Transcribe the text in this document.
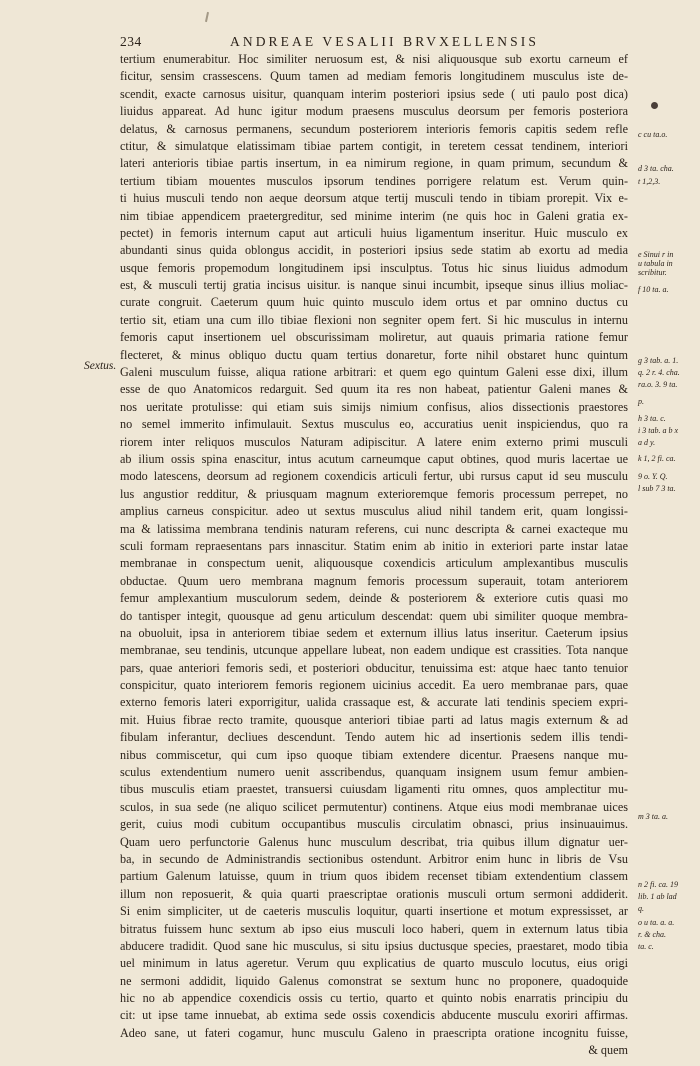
234	ANDREAE VESALII BRVXELLENSIS
Sextus.
tertium enumerabitur. Hoc similiter neruosum est, & nisi aliquousque sub exortu carneum ef
ficitur, sensim crassescens. Quum tamen ad mediam femoris longitudinem musculus iste de-
scendit, exacte carnosus uisitur, quanquam interim posteriori ipsius sede ( uti paulo post dica)
liuidus appareat. Ad hunc igitur modum praesens musculus deorsum per femoris posteriora
delatus, & carnosus permanens, secundum posteriorem interioris femoris capitis sedem refle
ctitur, & simulatque elatissimam tibiae partem contigit, in teretem cessat tendinem, interiori
lateri anterioris tibiae partis insertum, in ea nimirum regione, in quam primum, secundum &
tertium tibiam mouentes musculos ipsorum tendines porrigere relatum est. Verum quin-
ti huius musculi tendo non aeque deorsum atque tertij musculi tendo in tibiam prorepit. Vix e-
nim tibiae appendicem praetergreditur, sed minime interim (ne quis hoc in Galeni gratia ex-
pectet) in femoris internum caput aut articuli huius ligamentum inseritur. Huic musculo ex
abundanti sinus quida oblongus accidit, in posteriori ipsius sede statim ab exortu ad media
usque femoris propemodum longitudinem ipsi insculptus. Totus hic sinus liuidus admodum
est, & musculi tertij gratia incisus uisitur. is nanque sinui incumbit, ipseque sinus illius moliac-
curate congruit. Caeterum quum huic quinto musculo idem ortus et par omnino ductus cu
tertio sit, etiam una cum illo tibiae flexioni non segniter opem fert. Si hic musculus in internu
femoris caput insertionem uel obscurissimam moliretur, aut quauis primaria ratione femur
flecteret, & minus obliquo ductu quam tertius donaretur, forte nihil obstaret hunc quintum
Galeni musculum fuisse, aliqua ratione arbitrari: et quem ego quintum Galeni esse dixi, illum
esse de quo Anatomicos redarguit. Sed quum ita res non habeat, patientur Galeni manes &
nos ueritate protulisse: qui etiam suis simijs nimium confisus, alios dissectionis praestores
no semel immerito infimulauit. Sextus musculus eo, accuratius uenit inspiciendus, quo ra
riorem inter reliquos musculos Naturam adipiscitur. A latere enim externo primi musculi
ab ilium ossis spina enascitur, intus acutum carneumque caput obtines, quod muris lacertae ue
modo latescens, deorsum ad regionem coxendicis articuli fertur, ubi rursus caput id seu musculu
lus angustior redditur, & priusquam magnum exterioremque femoris processum perrepet, no
amplius carneus conspicitur. adeo ut sextus musculus aliud nihil tandem erit, quam longissi-
ma & latissima membrana tendinis naturam referens, cui nunc descripta & carnei exacteque mu
sculi formam repraesentans pars innascitur. Statim enim ab initio in exteriori parte instar latae
membranae in conspectum uenit, aliquousque coxendicis articulum amplexantibus musculis
obductae. Quum uero membrana magnum femoris processum superauit, totam anteriorem
femur amplexantium musculorum sedem, deinde & posteriorem & exteriore cutis quasi mo
do tantisper integit, quousque ad genu articulum descendat: quem ubi similiter quoque membra-
na obuoluit, ipsa in anteriorem tibiae sedem et externum illius latus inseritur. Caeterum ipsius
membranae, seu tendinis, utcunque appellare lubeat, non eadem undique est crassities. Tota nanque
pars, quae anteriori femoris sedi, et posteriori obducitur, tenuissima est: atque haec tanto tenuior
conspicitur, quato interiorem femoris regionem uicinius accedit. Ea uero membranae pars, quae
externo femoris lateri exporrigitur, ualida crassaque est, & accurate lati tendinis speciem expri-
mit. Huius fibrae recto tramite, quousque anteriori tibiae parti ad latus magis externum & ad
fibulam inferantur, decliues descendunt. Tendo autem hic ad insertionis sedem illis tendi-
nibus commiscetur, qui cum ipso quoque tibiam extendere dicentur. Praesens nanque mu-
sculus extendentium numero uenit asscribendus, quanquam insignem usum femur ambien-
tibus musculis etiam praestet, transuersi cuiusdam ligamenti ritu omnes, quos amplectitur mu-
sculos, in sua sede (ne aliquo scilicet permutentur) continens. Atque eius modi membranae uices
gerit, cuius modi cubitum occupantibus musculis circulatim obnasci, prius insinuauimus.
Quam uero perfunctorie Galenus hunc musculum describat, tria quibus illum dignatur uer-
ba, in secundo de Administrandis sectionibus ostendunt. Arbitror enim hunc in libris de Vsu
partium Galenum latuisse, quum in trium quos ibidem recenset tibiam extendentium classem
illum non reposuerit, & quia quarti praescriptae orationis musculi ortum sermoni addiderit.
Si enim simpliciter, ut de caeteris musculis loquitur, quarti insertione et motum expressisset, ar
bitratus fuissem hunc sextum ab ipso eius musculi loco haberi, quem in externum latus tibia
abducere tradidit. Quod sane hic musculus, si situ ipsius ductusque species, praestaret, modo tibia
uel minimum in latus ageretur. Verum quu explicatius de quarto musculo locutus, eius origi
ne sermoni addidit, liquido Galenus comonstrat se sextum hunc no proponere, quadoquide
hic no ab appendice coxendicis ossis cu tertio, quarto et quinto nobis enarratis principiu du
cit: ut ipse tame innuebat, ab extima sede ossis coxendicis abducente musculu exoriri affirmas.
Adeo sane, ut fateri cogamur, hunc musculu Galeno in praescripta oratione incognitu fuisse,
& quem
c cu ta.o.
d 3 ta. cha.
t 1,2,3.
e Sinui r in
u tabula in
scribitur.
f 10 ta. a.
g 3 tab. a. 1.
q. 2 r. 4. cha.
ra.o. 3. 9 ta.
p.
h 3 ta. c.
i 3 tab. a b x
a d y.
k 1, 2 fi. ca.
9 o. Y. Q.
l sub 7 3 ta.
m 3 ta. a.
n 2 fi. ca. 19
lib. 1 ab lad
q.
o u ta. a. a.
r. & cha.
ta. c.
